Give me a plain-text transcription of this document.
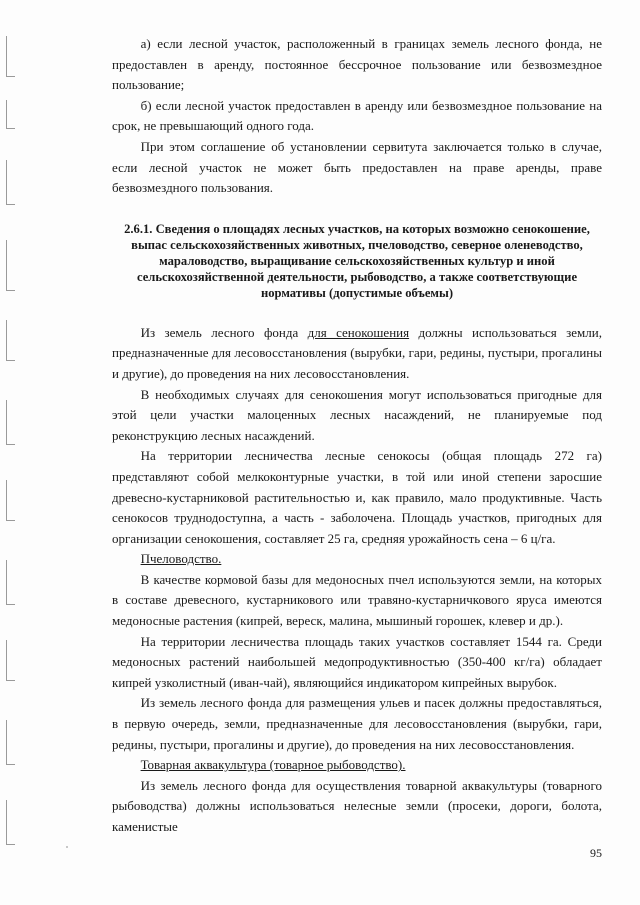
а) если лесной участок, расположенный в границах земель лесного фонда, не предоставлен в аренду, постоянное бессрочное пользование или безвозмездное пользование;

б) если лесной участок предоставлен в аренду или безвозмездное пользование на срок, не превышающий одного года.

При этом соглашение об установлении сервитута заключается только в случае, если лесной участок не может быть предоставлен на праве аренды, праве безвозмездного пользования.

2.6.1. Сведения о площадях лесных участков, на которых возможно сенокошение, выпас сельскохозяйственных животных, пчеловодство, северное оленеводство, мараловодство, выращивание сельскохозяйственных культур и иной сельскохозяйственной деятельности, рыбоводство, а также соответствующие нормативы (допустимые объемы)

Из земель лесного фонда для сенокошения должны использоваться земли, предназначенные для лесовосстановления (вырубки, гари, редины, пустыри, прогалины и другие), до проведения на них лесовосстановления.

В необходимых случаях для сенокошения могут использоваться пригодные для этой цели участки малоценных лесных насаждений, не планируемые под реконструкцию лесных насаждений.

На территории лесничества лесные сенокосы (общая площадь 272 га) представляют собой мелкоконтурные участки, в той или иной степени заросшие древесно-кустарниковой растительностью и, как правило, мало продуктивные. Часть сенокосов труднодоступна, а часть - заболочена. Площадь участков, пригодных для организации сенокошения, составляет 25 га, средняя урожайность сена – 6 ц/га.

Пчеловодство.

В качестве кормовой базы для медоносных пчел используются земли, на которых в составе древесного, кустарникового или травяно-кустарничкового яруса имеются медоносные растения (кипрей, вереск, малина, мышиный горошек, клевер и др.).

На территории лесничества площадь таких участков составляет 1544 га. Среди медоносных растений наибольшей медопродуктивностью (350-400 кг/га) обладает кипрей узколистный (иван-чай), являющийся индикатором кипрейных вырубок.

Из земель лесного фонда для размещения ульев и пасек должны предоставляться, в первую очередь, земли, предназначенные для лесовосстановления (вырубки, гари, редины, пустыри, прогалины и другие), до проведения на них лесовосстановления.

Товарная аквакультура (товарное рыбоводство).

Из земель лесного фонда для осуществления товарной аквакультуры (товарного рыбоводства) должны использоваться нелесные земли (просеки, дороги, болота, каменистые

95
